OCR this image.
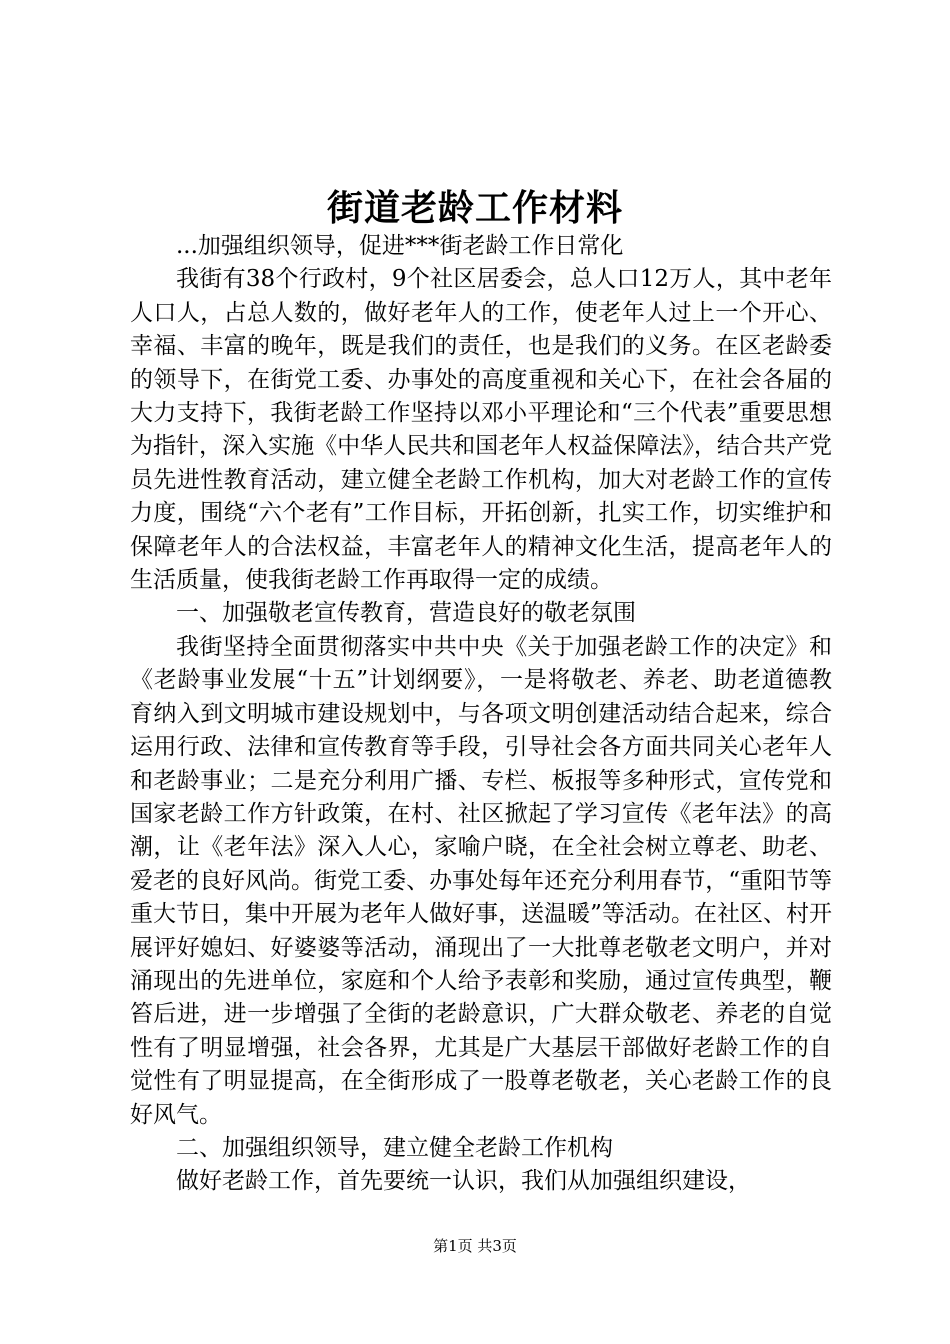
街道老龄工作材料

...加强组织领导，促进***街老龄工作日常化

我街有38个行政村，9个社区居委会，总人口12万人，其中老年人口人，占总人数的，做好老年人的工作，使老年人过上一个开心、幸福、丰富的晚年，既是我们的责任，也是我们的义务。在区老龄委的领导下，在街党工委、办事处的高度重视和关心下，在社会各届的大力支持下，我街老龄工作坚持以邓小平理论和“三个代表”重要思想为指针，深入实施《中华人民共和国老年人权益保障法》，结合共产党员先进性教育活动，建立健全老龄工作机构，加大对老龄工作的宣传力度，围绕“六个老有”工作目标，开拓创新，扎实工作，切实维护和保障老年人的合法权益，丰富老年人的精神文化生活，提高老年人的生活质量，使我街老龄工作再取得一定的成绩。

一、加强敬老宣传教育，营造良好的敬老氛围

我街坚持全面贯彻落实中共中央《关于加强老龄工作的决定》和《老龄事业发展“十五”计划纲要》，一是将敬老、养老、助老道德教育纳入到文明城市建设规划中，与各项文明创建活动结合起来，综合运用行政、法律和宣传教育等手段，引导社会各方面共同关心老年人和老龄事业；二是充分利用广播、专栏、板报等多种形式，宣传党和国家老龄工作方针政策，在村、社区掀起了学习宣传《老年法》的高潮，让《老年法》深入人心，家喻户晓，在全社会树立尊老、助老、爱老的良好风尚。街党工委、办事处每年还充分利用春节，“重阳节等重大节日，集中开展为老年人做好事，送温暖”等活动。在社区、村开展评好媳妇、好婆婆等活动，涌现出了一大批尊老敬老文明户，并对涌现出的先进单位，家庭和个人给予表彰和奖励，通过宣传典型，鞭笞后进，进一步增强了全街的老龄意识，广大群众敬老、养老的自觉性有了明显增强，社会各界，尤其是广大基层干部做好老龄工作的自觉性有了明显提高，在全街形成了一股尊老敬老，关心老龄工作的良好风气。

二、加强组织领导，建立健全老龄工作机构

做好老龄工作，首先要统一认识，我们从加强组织建设，

第1页 共3页
